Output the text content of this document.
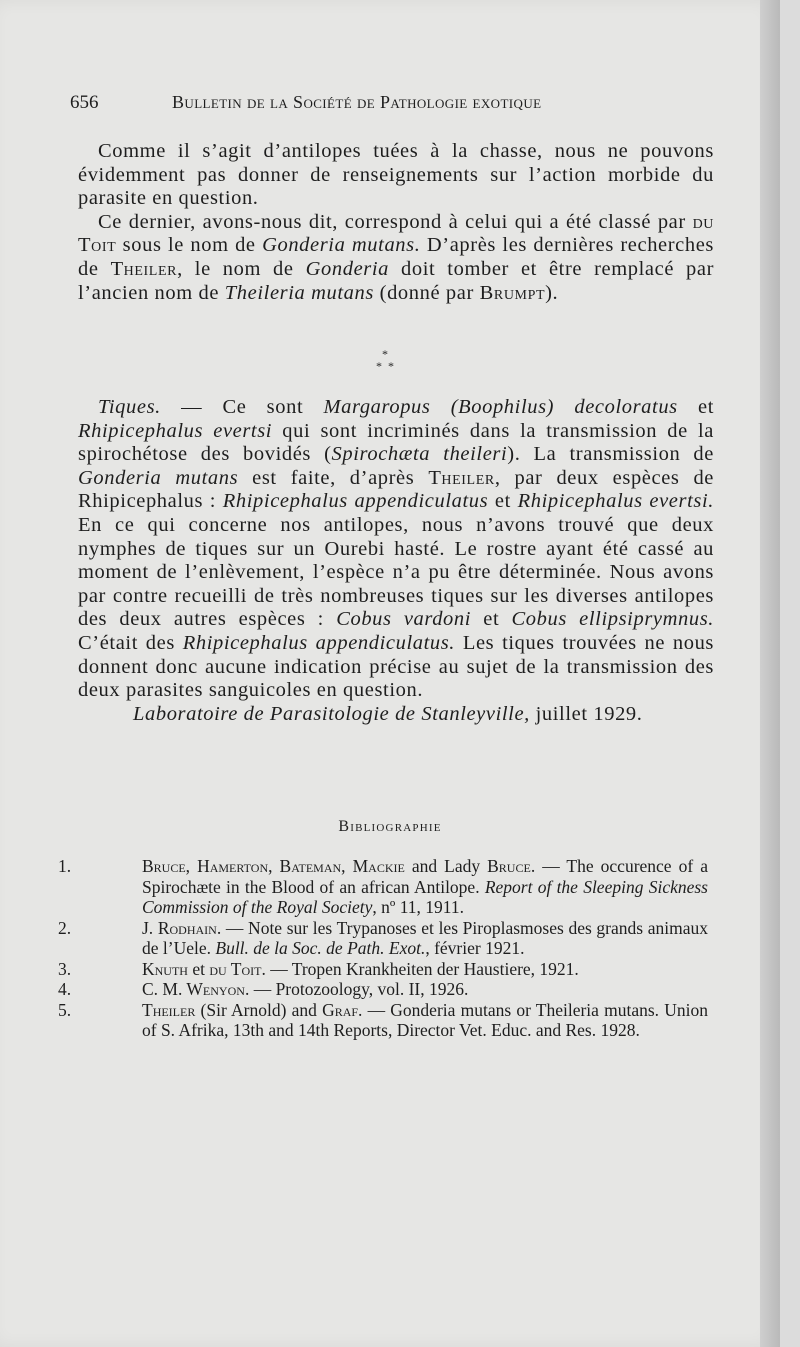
656	Bulletin de la Société de Pathologie exotique

Comme il s’agit d’antilopes tuées à la chasse, nous ne pouvons évidemment pas donner de renseignements sur l’action morbide du parasite en question.

Ce dernier, avons-nous dit, correspond à celui qui a été classé par du Toit sous le nom de Gonderia mutans. D’après les dernières recherches de Theiler, le nom de Gonderia doit tomber et être remplacé par l’ancien nom de Theileria mutans (donné par Brumpt).

*
*  *

Tiques. — Ce sont Margaropus (Boophilus) decoloratus et Rhipicephalus evertsi qui sont incriminés dans la transmission de la spirochétose des bovidés (Spirochæta theileri). La transmission de Gonderia mutans est faite, d’après Theiler, par deux espèces de Rhipicephalus : Rhipicephalus appendiculatus et Rhipicephalus evertsi. En ce qui concerne nos antilopes, nous n’avons trouvé que deux nymphes de tiques sur un Ourebi hasté. Le rostre ayant été cassé au moment de l’enlèvement, l’espèce n’a pu être déterminée. Nous avons par contre recueilli de très nombreuses tiques sur les diverses antilopes des deux autres espèces : Cobus vardoni et Cobus ellipsiprymnus. C’était des Rhipicephalus appendiculatus. Les tiques trouvées ne nous donnent donc aucune indication précise au sujet de la transmission des deux parasites sanguicoles en question.

Laboratoire de Parasitologie de Stanleyville, juillet 1929.

Bibliographie

1.	Bruce, Hamerton, Bateman, Mackie and Lady Bruce. — The occurence of a Spirochæte in the Blood of an african Antilope. Report of the Sleeping Sickness Commission of the Royal Society, nº 11, 1911.

2.	J. Rodhain. — Note sur les Trypanoses et les Piroplasmoses des grands animaux de l’Uele. Bull. de la Soc. de Path. Exot., février 1921.

3.	Knuth et du Toit. — Tropen Krankheiten der Haustiere, 1921.

4.	C. M. Wenyon. — Protozoology, vol. II, 1926.

5.	Theiler (Sir Arnold) and Graf. — Gonderia mutans or Theileria mutans. Union of S. Afrika, 13th and 14th Reports, Director Vet. Educ. and Res. 1928.
